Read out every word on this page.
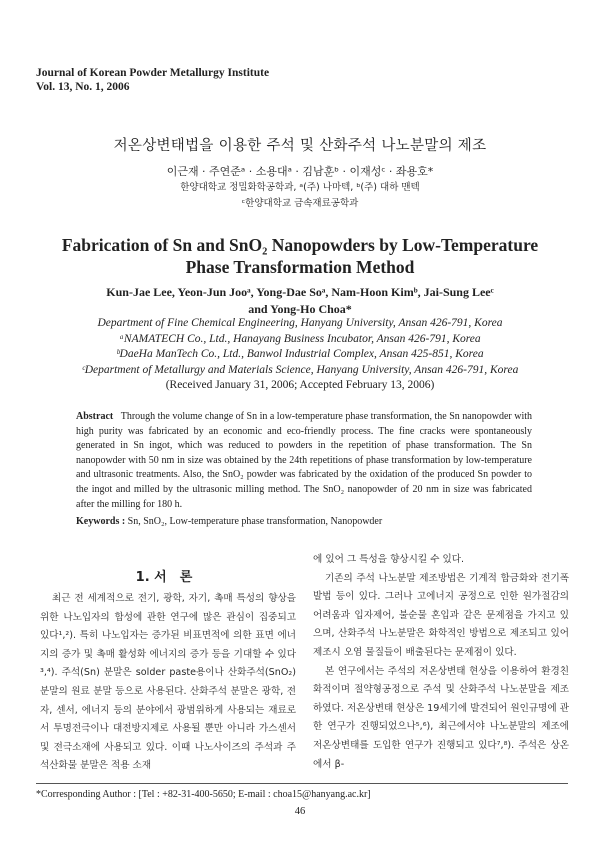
Journal of Korean Powder Metallurgy Institute
Vol. 13, No. 1, 2006
저온상변태법을 이용한 주석 및 산화주석 나노분말의 제조
이근재 · 주연준ᵃ · 소용대ᵃ · 김남훈ᵇ · 이재성ᶜ · 좌용호*
한양대학교 정밀화학공학과, ᵃ(주) 나마텍, ᵇ(주) 대하 맨텍
ᶜ한양대학교 금속재료공학과
Fabrication of Sn and SnO₂ Nanopowders by Low-Temperature
Phase Transformation Method
Kun-Jae Lee, Yeon-Jun Jooᵃ, Yong-Dae Soᵃ, Nam-Hoon Kimᵇ, Jai-Sung Leeᶜ
and Yong-Ho Choa*
Department of Fine Chemical Engineering, Hanyang University, Ansan 426-791, Korea
ᵃNAMATECH Co., Ltd., Hanayang Business Incubator, Ansan 426-791, Korea
ᵇDaeHa ManTech Co., Ltd., Banwol Industrial Complex, Ansan 425-851, Korea
ᶜDepartment of Metallurgy and Materials Science, Hanyang University, Ansan 426-791, Korea
(Received January 31, 2006; Accepted February 13, 2006)
Abstract Through the volume change of Sn in a low-temperature phase transformation, the Sn nanopowder with high purity was fabricated by an economic and eco-friendly process. The fine cracks were spontaneously generated in Sn ingot, which was reduced to powders in the repetition of phase transformation. The Sn nanopowder with 50 nm in size was obtained by the 24th repetitions of phase transformation by low-temperature and ultrasonic treatments. Also, the SnO₂ powder was fabricated by the oxidation of the produced Sn powder to the ingot and milled by the ultrasonic milling method. The SnO₂ nanopowder of 20 nm in size was fabricated after the milling for 180 h.
Keywords : Sn, SnO₂, Low-temperature phase transformation, Nanopowder
1. 서　론

최근 전 세계적으로 전기, 광학, 자기, 촉매 특성의 향상을 위한 나노입자의 합성에 관한 연구에 많은 관심이 집중되고 있다¹,²). 특히 나노입자는 증가된 비표면적에 의한 표면 에너지의 증가 및 촉매 활성화 에너지의 증가 등을 기대할 수 있다³,⁴). 주석(Sn) 분말은 solder paste용이나 산화주석(SnO₂) 분말의 원료 분말 등으로 사용된다. 산화주석 분말은 광학, 전자, 센서, 에너지 등의 분야에서 광범위하게 사용되는 재료로서 투명전극이나 대전방지제로 사용될 뿐만 아니라 가스센서 및 전극소재에 사용되고 있다. 이때 나노사이즈의 주석과 주석산화물 분말은 적용 소재

에 있어 그 특성을 향상시킬 수 있다.

기존의 주석 나노분말 제조방법은 기계적 합금화와 전기폭발법 등이 있다. 그러나 고에너지 공정으로 인한 원가절감의 어려움과 입자제어, 불순물 혼입과 같은 문제점을 가지고 있으며, 산화주석 나노분말은 화학적인 방법으로 제조되고 있어 제조시 오염 물질들이 배출된다는 문제점이 있다.

본 연구에서는 주석의 저온상변태 현상을 이용하여 환경친화적이며 절약형공정으로 주석 및 산화주석 나노분말을 제조하였다. 저온상변태 현상은 19세기에 발견되어 원인규명에 관한 연구가 진행되었으나⁵,⁶), 최근에서야 나노분말의 제조에 저온상변태를 도입한 연구가 진행되고 있다⁷,⁸). 주석은 상온에서 β-

*Corresponding Author : [Tel : +82-31-400-5650; E-mail : choa15@hanyang.ac.kr]
46
